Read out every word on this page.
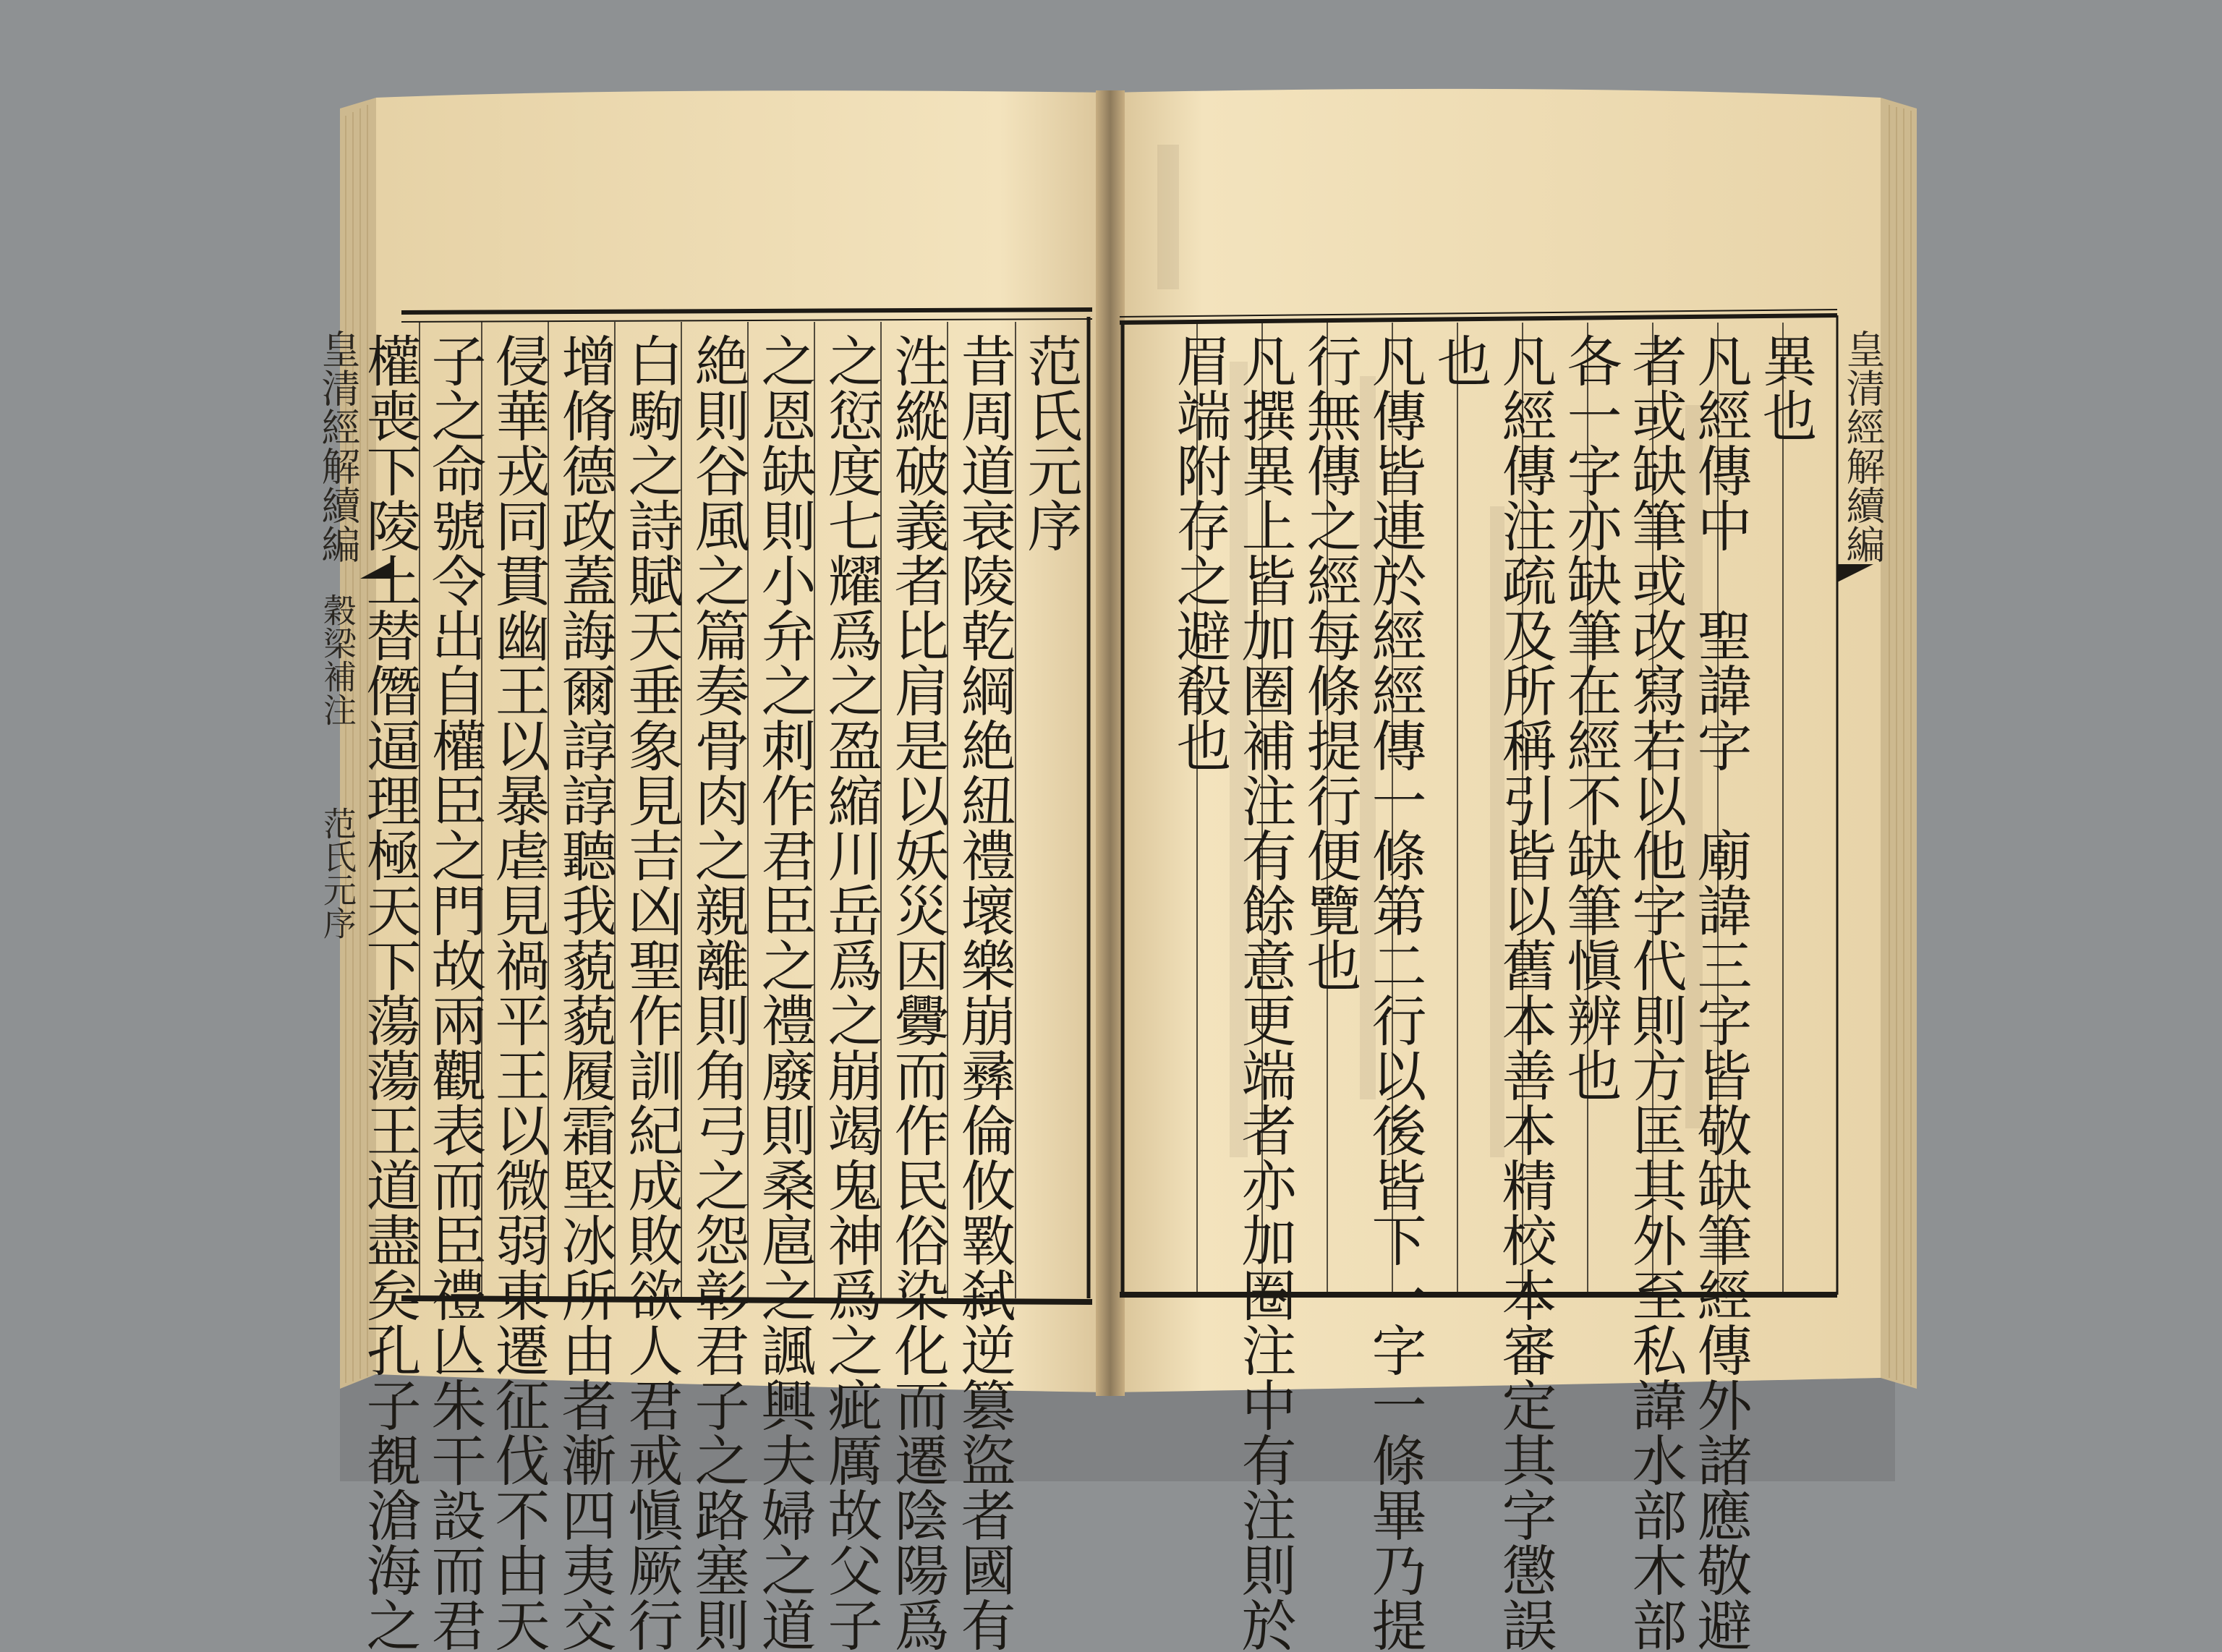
皇清經解續編
異也
凡經傳中　聖諱字　廟諱三字皆敬缺筆經傳外諸應敬避
者或缺筆或改寫若以他字代則方匡其外至私諱水部木部
各一字亦缺筆在經不缺筆愼辨也
凡經傳注疏及所稱引皆以舊本善本精校本審定其字懲誤
也
凡傳皆連於經經傳一條第二行以後皆下一字一條畢乃提
行無傳之經每條提行便覽也
凡撰異上皆加圈補注有餘意更端者亦加圈注中有注則於
眉端附存之避殽也
范氏元序
昔周道衰陵乾綱絶紐禮壞樂崩彞倫攸斁弑逆篡盜者國有
泩縱破義者比肩是以妖災因釁而作民俗染化而遷陰陽爲
之愆度七耀爲之盈縮川岳爲之崩竭鬼神爲之疵厲故父子
之恩缺則小弁之刺作君臣之禮廢則桑扈之諷興夫婦之道
絶則谷風之篇奏骨肉之親離則角弓之怨彰君子之路塞則
白駒之詩賦天垂象見吉凶聖作訓紀成敗欲人君戒愼厥行
增脩德政蓋誨爾諄諄聽我藐藐履霜堅冰所由者漸四夷交
侵華戎同貫幽王以暴虐見禍平王以微弱東遷征伐不由天
子之命號令出自權臣之門故兩觀表而臣禮亾朱干設而君
權喪下陵上替僭逼理極天下蕩蕩王道盡矣孔子覩滄海之
皇清經解續編
穀梁補注
范氏元序
